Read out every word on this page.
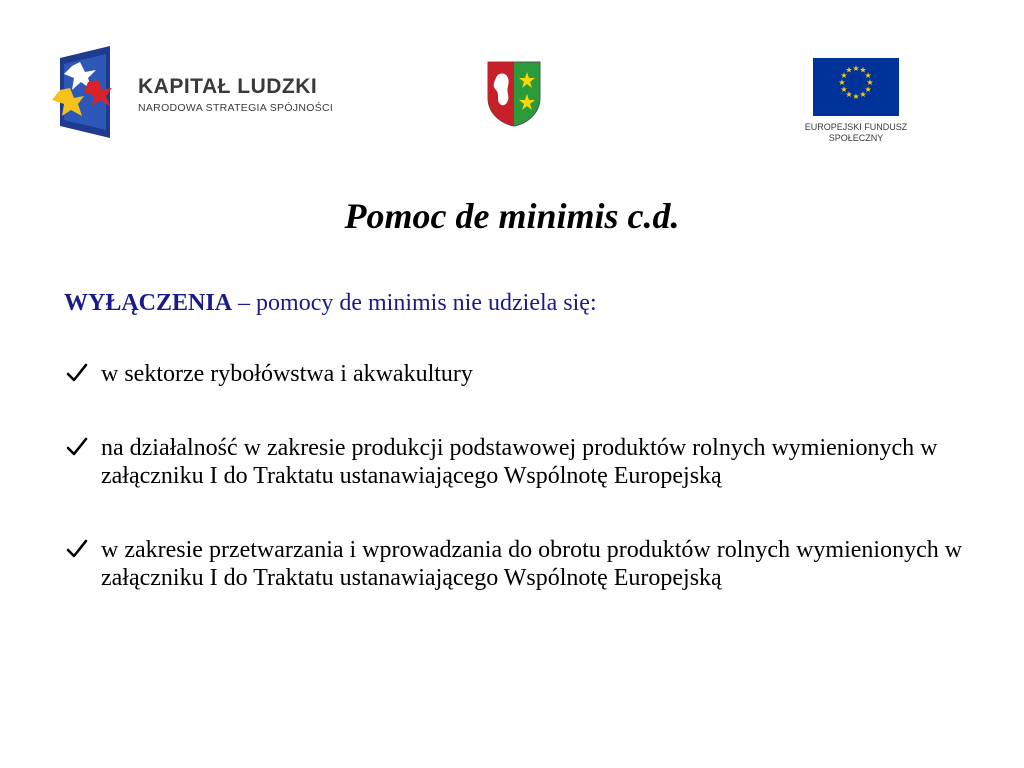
KAPITAŁ LUDZKI
NARODOWA STRATEGIA SPÓJNOŚCI
★ ★
★
★
★
★
★
★
★
★
★
★
EUROPEJSKI FUNDUSZ
SPOŁECZNY
Pomoc de minimis c.d.
WYŁĄCZENIA – pomocy de minimis nie udziela się:
w sektorze rybołówstwa i akwakultury
na działalność w zakresie produkcji podstawowej produktów rolnych wymienionych w załączniku I do Traktatu ustanawiającego Wspólnotę Europejską
w zakresie przetwarzania i wprowadzania do obrotu produktów rolnych wymienionych w załączniku I do Traktatu ustanawiającego Wspólnotę Europejską
